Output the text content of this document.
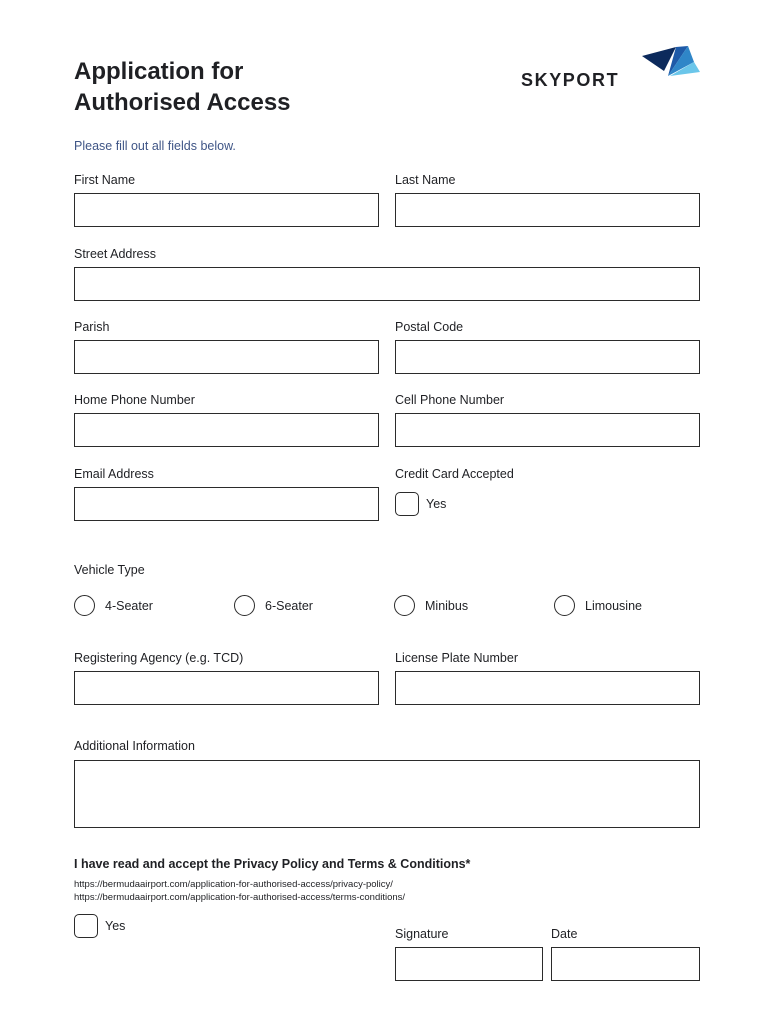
Application for
Authorised Access
SKYPORT
Please fill out all fields below.
First Name	Last Name
Street Address
Parish	Postal Code
Home Phone Number	Cell Phone Number
Email Address	Credit Card Accepted
Yes
Vehicle Type
4-Seater	6-Seater	Minibus	Limousine
Registering Agency (e.g. TCD)	License Plate Number
Additional Information
I have read and accept the Privacy Policy and Terms & Conditions*
https://bermudaairport.com/application-for-authorised-access/privacy-policy/
https://bermudaairport.com/application-for-authorised-access/terms-conditions/
Yes
Signature	Date
